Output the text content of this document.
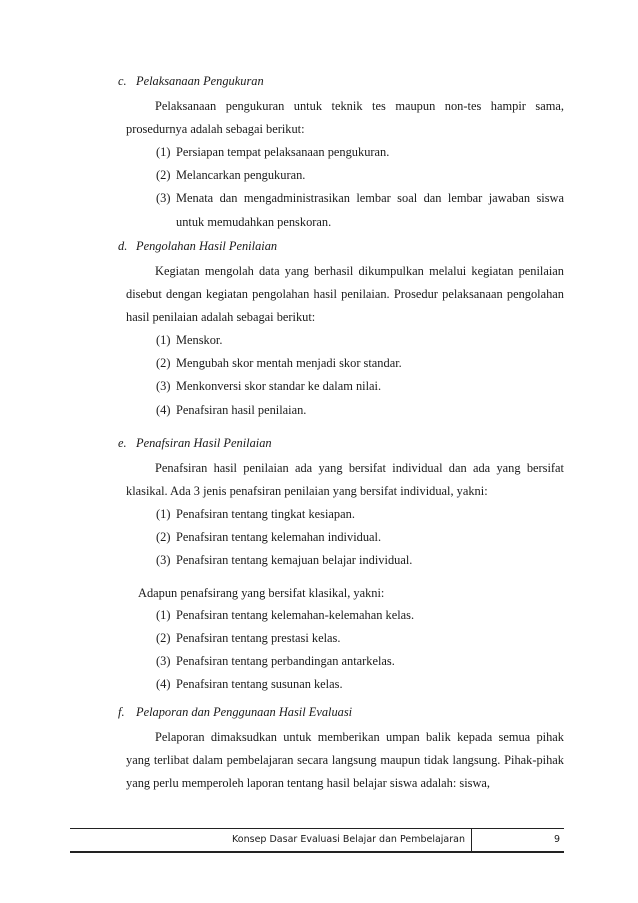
c. Pelaksanaan Pengukuran
Pelaksanaan pengukuran untuk teknik tes maupun non-tes hampir sama, prosedurnya adalah sebagai berikut:
(1) Persiapan tempat pelaksanaan pengukuran.
(2) Melancarkan pengukuran.
(3) Menata dan mengadministrasikan lembar soal dan lembar jawaban siswa untuk memudahkan penskoran.
d. Pengolahan Hasil Penilaian
Kegiatan mengolah data yang berhasil dikumpulkan melalui kegiatan penilaian disebut dengan kegiatan pengolahan hasil penilaian. Prosedur pelaksanaan pengolahan hasil penilaian adalah sebagai berikut:
(1) Menskor.
(2) Mengubah skor mentah menjadi skor standar.
(3) Menkonversi skor standar ke dalam nilai.
(4) Penafsiran hasil penilaian.
e. Penafsiran Hasil Penilaian
Penafsiran hasil penilaian ada yang bersifat individual dan ada yang bersifat klasikal. Ada 3 jenis penafsiran penilaian yang bersifat individual, yakni:
(1) Penafsiran tentang tingkat kesiapan.
(2) Penafsiran tentang kelemahan individual.
(3) Penafsiran tentang kemajuan belajar individual.
Adapun penafsirang yang bersifat klasikal, yakni:
(1) Penafsiran tentang kelemahan-kelemahan kelas.
(2) Penafsiran tentang prestasi kelas.
(3) Penafsiran tentang perbandingan antarkelas.
(4) Penafsiran tentang susunan kelas.
f. Pelaporan dan Penggunaan Hasil Evaluasi
Pelaporan dimaksudkan untuk memberikan umpan balik kepada semua pihak yang terlibat dalam pembelajaran secara langsung maupun tidak langsung. Pihak-pihak yang perlu memperoleh laporan tentang hasil belajar siswa adalah: siswa,
Konsep Dasar Evaluasi Belajar dan Pembelajaran	9
